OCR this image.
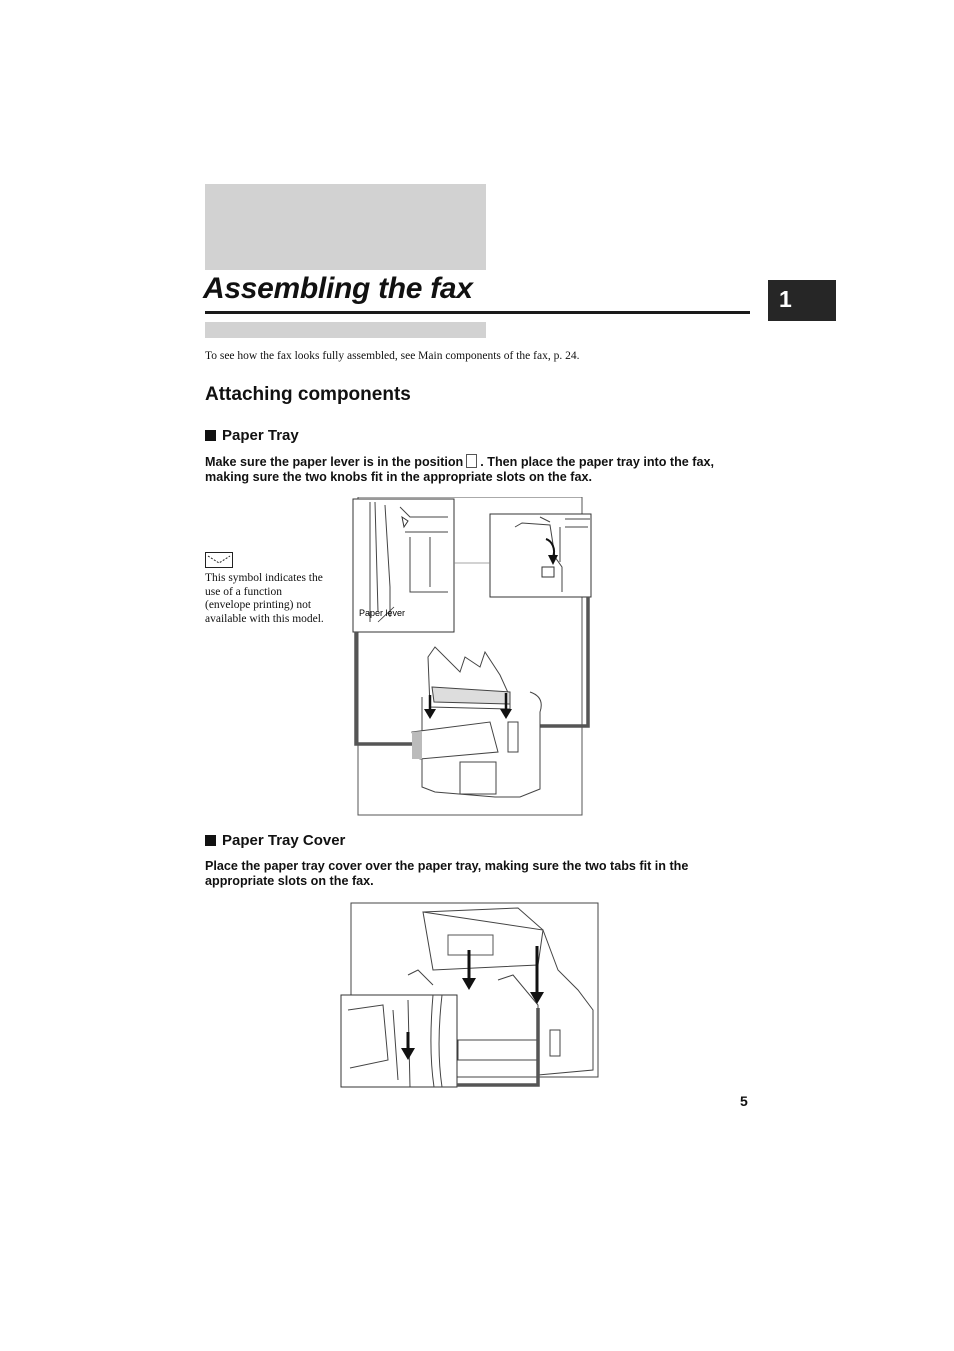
Assembling the fax	1
To see how the fax looks fully assembled, see Main components of the fax, p. 24.
Attaching components
Paper Tray
Make sure the paper lever is in the position . Then place the paper tray into the fax, making sure the two knobs fit in the appropriate slots on the fax.
This symbol indicates the use of a function (envelope printing) not available with this model.	Paper lever
Paper Tray Cover
Place the paper tray cover over the paper tray, making sure the two tabs fit in the appropriate slots on the fax.
5
